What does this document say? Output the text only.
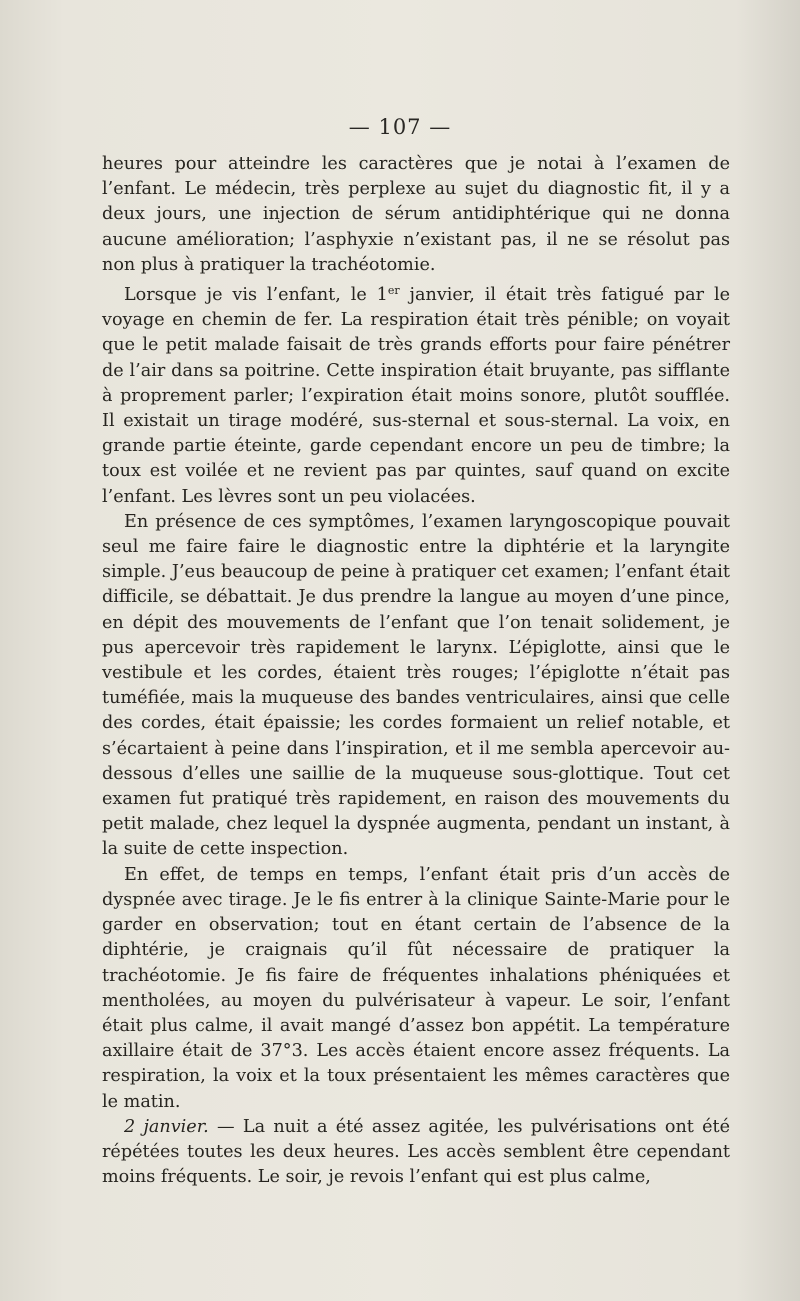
— 107 —

heures pour atteindre les caractères que je notai à l’examen de l’enfant. Le médecin, très perplexe au sujet du diagnostic fit, il y a deux jours, une injection de sérum antidiphtérique qui ne donna aucune amélioration; l’asphyxie n’existant pas, il ne se résolut pas non plus à pratiquer la trachéotomie.

Lorsque je vis l’enfant, le 1er janvier, il était très fatigué par le voyage en chemin de fer. La respiration était très pénible; on voyait que le petit malade faisait de très grands efforts pour faire pénétrer de l’air dans sa poitrine. Cette inspiration était bruyante, pas sifflante à proprement parler; l’expiration était moins sonore, plutôt soufflée. Il existait un tirage modéré, sus-sternal et sous-sternal. La voix, en grande partie éteinte, garde cependant encore un peu de timbre; la toux est voilée et ne revient pas par quintes, sauf quand on excite l’enfant. Les lèvres sont un peu violacées.

En présence de ces symptômes, l’examen laryngoscopique pouvait seul me faire faire le diagnostic entre la diphtérie et la laryngite simple. J’eus beaucoup de peine à pratiquer cet examen; l’enfant était difficile, se débattait. Je dus prendre la langue au moyen d’une pince, en dépit des mouvements de l’enfant que l’on tenait solidement, je pus apercevoir très rapidement le larynx. L’épiglotte, ainsi que le vestibule et les cordes, étaient très rouges; l’épiglotte n’était pas tuméfiée, mais la muqueuse des bandes ventriculaires, ainsi que celle des cordes, était épaissie; les cordes formaient un relief notable, et s’écartaient à peine dans l’inspiration, et il me sembla apercevoir au-dessous d’elles une saillie de la muqueuse sous-glottique. Tout cet examen fut pratiqué très rapidement, en raison des mouvements du petit malade, chez lequel la dyspnée augmenta, pendant un instant, à la suite de cette inspection.

En effet, de temps en temps, l’enfant était pris d’un accès de dyspnée avec tirage. Je le fis entrer à la clinique Sainte-Marie pour le garder en observation; tout en étant certain de l’absence de la diphtérie, je craignais qu’il fût nécessaire de pratiquer la trachéotomie. Je fis faire de fréquentes inhalations phéniquées et mentholées, au moyen du pulvérisateur à vapeur. Le soir, l’enfant était plus calme, il avait mangé d’assez bon appétit. La température axillaire était de 37°3. Les accès étaient encore assez fréquents. La respiration, la voix et la toux présentaient les mêmes caractères que le matin.

2 janvier. — La nuit a été assez agitée, les pulvérisations ont été répétées toutes les deux heures. Les accès semblent être cependant moins fréquents. Le soir, je revois l’enfant qui est plus calme,
